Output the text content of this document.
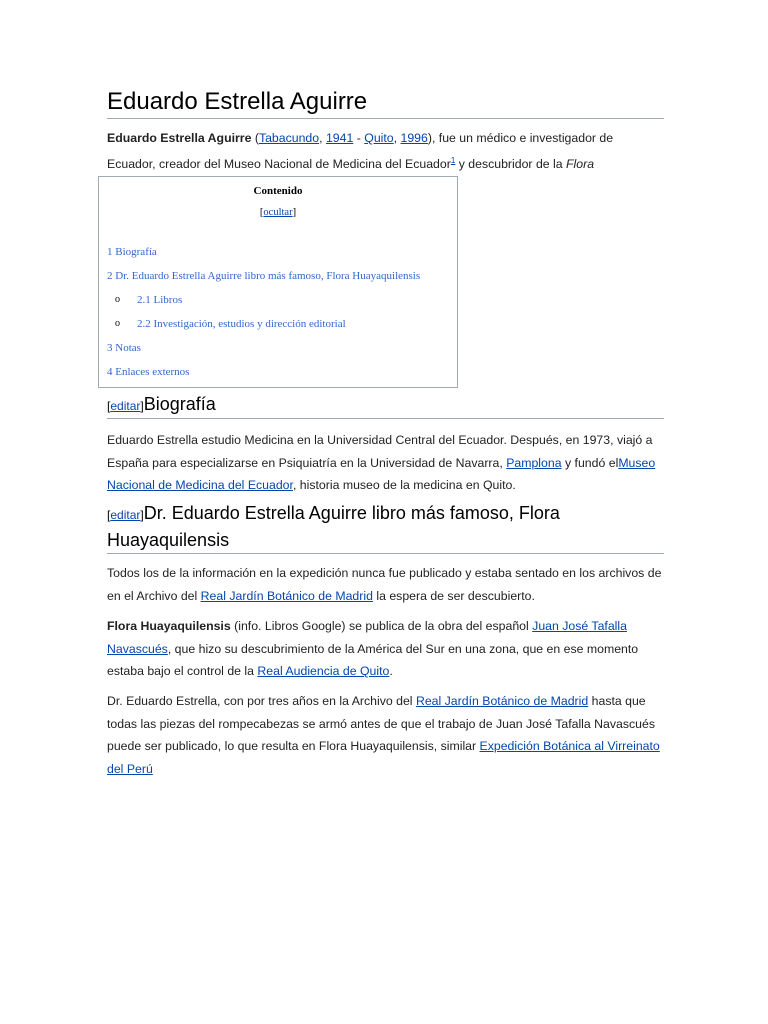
Eduardo Estrella Aguirre

Eduardo Estrella Aguirre (Tabacundo, 1941 - Quito, 1996), fue un médico e investigador de Ecuador, creador del Museo Nacional de Medicina del Ecuador$^1$ y descubridor de la Flora

Contenido
[ocultar]
1 Biografía
2 Dr. Eduardo Estrella Aguirre libro más famoso, Flora Huayaquilensis
o 2.1 Libros
o 2.2 Investigación, estudios y dirección editorial
3 Notas
4 Enlaces externos
[editar]Biografía

Eduardo Estrella estudio Medicina en la Universidad Central del Ecuador. Después, en 1973, viajó a España para especializarse en Psiquiatría en la Universidad de Navarra, Pamplona y fundó elMuseo Nacional de Medicina del Ecuador, historia museo de la medicina en Quito.

[editar]Dr. Eduardo Estrella Aguirre libro más famoso, Flora Huayaquilensis

Todos los de la información en la expedición nunca fue publicado y estaba sentado en los archivos de en el Archivo del Real Jardín Botánico de Madrid la espera de ser descubierto.

Flora Huayaquilensis (info. Libros Google) se publica de la obra del español Juan José Tafalla Navascués, que hizo su descubrimiento de la América del Sur en una zona, que en ese momento estaba bajo el control de la Real Audiencia de Quito.

Dr. Eduardo Estrella, con por tres años en la Archivo del Real Jardín Botánico de Madrid hasta que todas las piezas del rompecabezas se armó antes de que el trabajo de Juan José Tafalla Navascués puede ser publicado, lo que resulta en Flora Huayaquilensis, similar Expedición Botánica al Virreinato del Perú
